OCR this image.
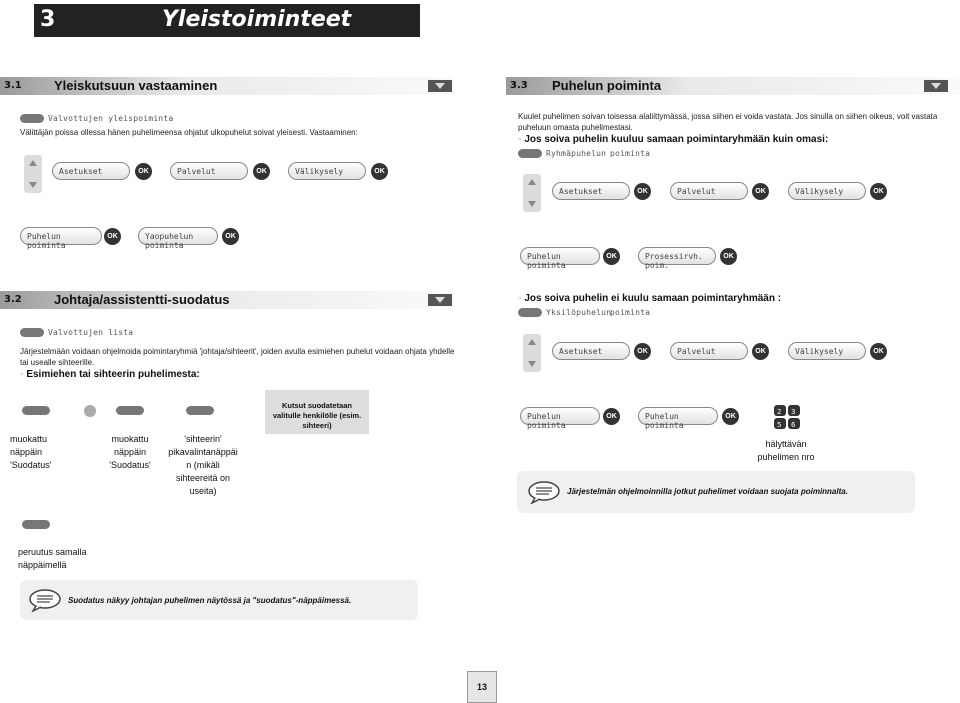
3	Yleistoiminteet
3.1 Yleiskutsuun vastaaminen
Valvottujen yleispoiminta
Välittäjän poissa ollessa hänen puhelimeensa ohjatut ulkopuhelut soivat yleisesti. Vastaaminen:
Asetukset	OK	Palvelut	OK	Välikysely	OK
Puhelun poiminta
OK	Yaopuhelun poiminta
OK
3.2 Johtaja/assistentti-suodatus
Valvottujen lista
Järjestelmään voidaan ohjelmoida poimintaryhmiä 'johtaja/sihteerit', joiden avulla esimiehen puhelut voidaan ohjata yhdelle tai usealle sihteerille.
◦ Esimiehen tai sihteerin puhelimesta:
Kutsut suodatetaan valitulle henkilölle (esim. sihteeri)
muokattu
näppäin
'Suodatus'
muokattu
näppäin
'Suodatus'
'sihteerin'
pikavalintanäppäi
n (mikäli
sihteereitä on
useita)
peruutus samalla
näppäimellä
Suodatus näkyy johtajan puhelimen näytössä ja "suodatus"-näppäimessä.
3.3 Puhelun poiminta
Kuulet puhelimen soivan toisessa alaliittymässä, jossa siihen ei voida vastata. Jos sinulla on siihen oikeus, voit vastata puheluun omasta puhelimestasi.
◦ Jos soiva puhelin kuuluu samaan poimintaryhmään kuin omasi:
Ryhmäpuhelun poiminta
Asetukset	OK	Palvelut	OK	Välikysely	OK
Puhelun poiminta
OK	Prosessirvh. poim.
OK
◦ Jos soiva puhelin ei kuulu samaan poimintaryhmään :
Yksilöpuhelun
poiminta
Asetukset	OK	Palvelut	OK	Välikysely	OK
Puhelun poiminta
OK	Puhelun poiminta
OK
2 3
5 6
hälyttävän
puhelimen nro
Järjestelmän ohjelmoinnilla jotkut puhelimet voidaan suojata poiminnalta.
13
